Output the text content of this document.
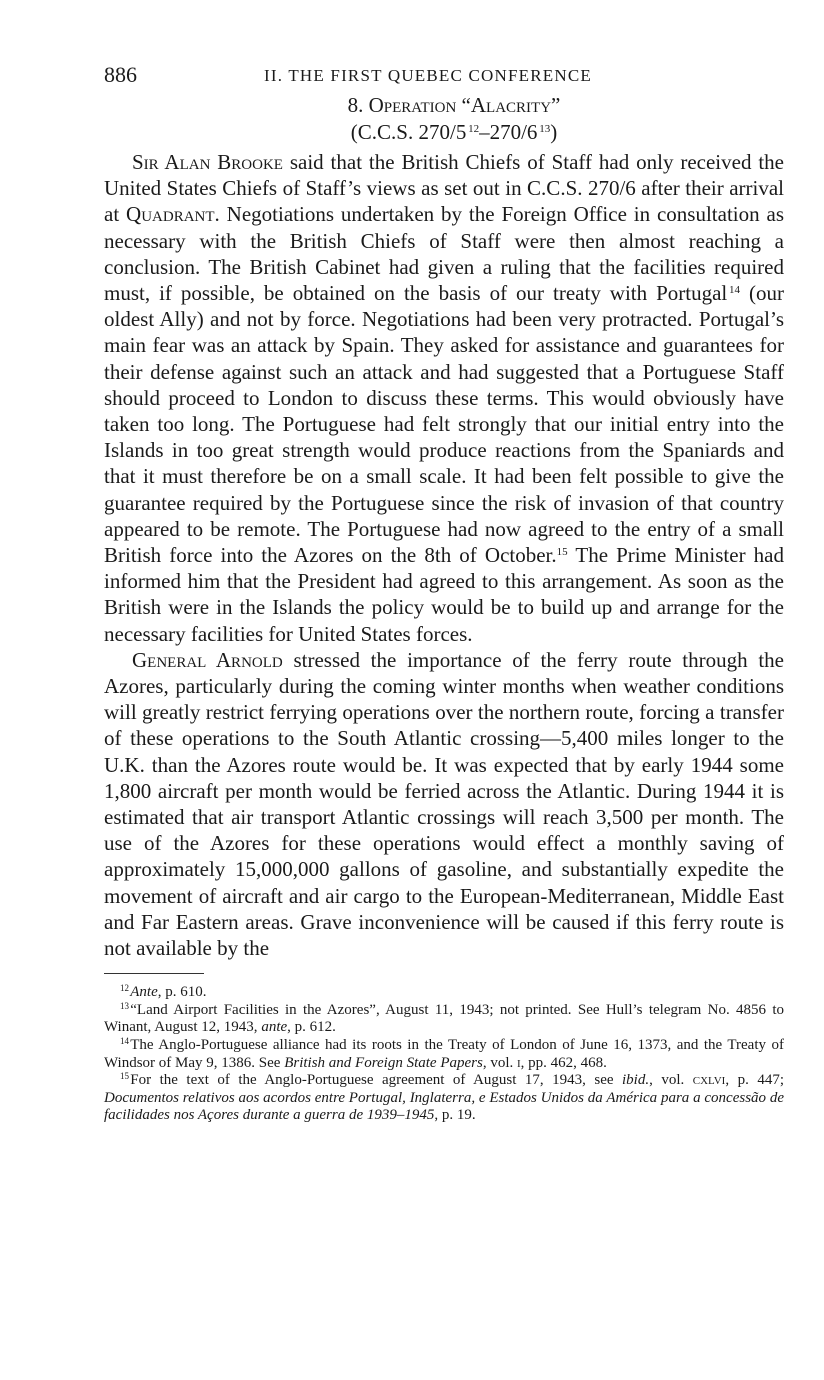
886	II. THE FIRST QUEBEC CONFERENCE
8. Operation “Alacrity”
(C.C.S. 270/5  $^{12}$–270/6  $^{13}$)

Sir Alan Brooke said that the British Chiefs of Staff had only received the United States Chiefs of Staff’s views as set out in C.C.S. 270/6 after their arrival at Quadrant. Negotiations undertaken by the Foreign Office in consultation as necessary with the British Chiefs of Staff were then almost reaching a conclusion. The British Cabinet had given a ruling that the facilities required must, if possible, be obtained on the basis of our treaty with Portugal  $^{14}$ (our oldest Ally) and not by force. Negotiations had been very protracted. Portugal’s main fear was an attack by Spain. They asked for assistance and guarantees for their defense against such an attack and had suggested that a Portuguese Staff should proceed to London to discuss these terms. This would obviously have taken too long. The Portuguese had felt strongly that our initial entry into the Islands in too great strength would produce reactions from the Spaniards and that it must therefore be on a small scale. It had been felt possible to give the guarantee required by the Portuguese since the risk of invasion of that country appeared to be remote. The Portuguese had now agreed to the entry of a small British force into the Azores on the 8th of October.$^{15}$ The Prime Minister had informed him that the President had agreed to this arrangement. As soon as the British were in the Islands the policy would be to build up and arrange for the necessary facilities for United States forces.

General Arnold stressed the importance of the ferry route through the Azores, particularly during the coming winter months when weather conditions will greatly restrict ferrying operations over the northern route, forcing a transfer of these operations to the South Atlantic crossing—5,400 miles longer to the U.K. than the Azores route would be. It was expected that by early 1944 some 1,800 aircraft per month would be ferried across the Atlantic. During 1944 it is estimated that air transport Atlantic crossings will reach 3,500 per month. The use of the Azores for these operations would effect a monthly saving of approximately 15,000,000 gallons of gasoline, and substantially expedite the movement of aircraft and air cargo to the European-Mediterranean, Middle East and Far Eastern areas. Grave inconvenience will be caused if this ferry route is not available by the

$^{12}$ Ante, p. 610.

$^{13}$ “Land Airport Facilities in the Azores”, August 11, 1943; not printed. See Hull’s telegram No. 4856 to Winant, August 12, 1943, ante, p. 612.

$^{14}$ The Anglo-Portuguese alliance had its roots in the Treaty of London of June 16, 1373, and the Treaty of Windsor of May 9, 1386. See British and Foreign State Papers, vol. i, pp. 462, 468.

$^{15}$ For the text of the Anglo-Portuguese agreement of August 17, 1943, see ibid., vol. cxlvi, p. 447; Documentos relativos aos acordos entre Portugal, Inglaterra, e Estados Unidos da América para a concessão de facilidades nos Açores durante a guerra de 1939–1945, p. 19.
